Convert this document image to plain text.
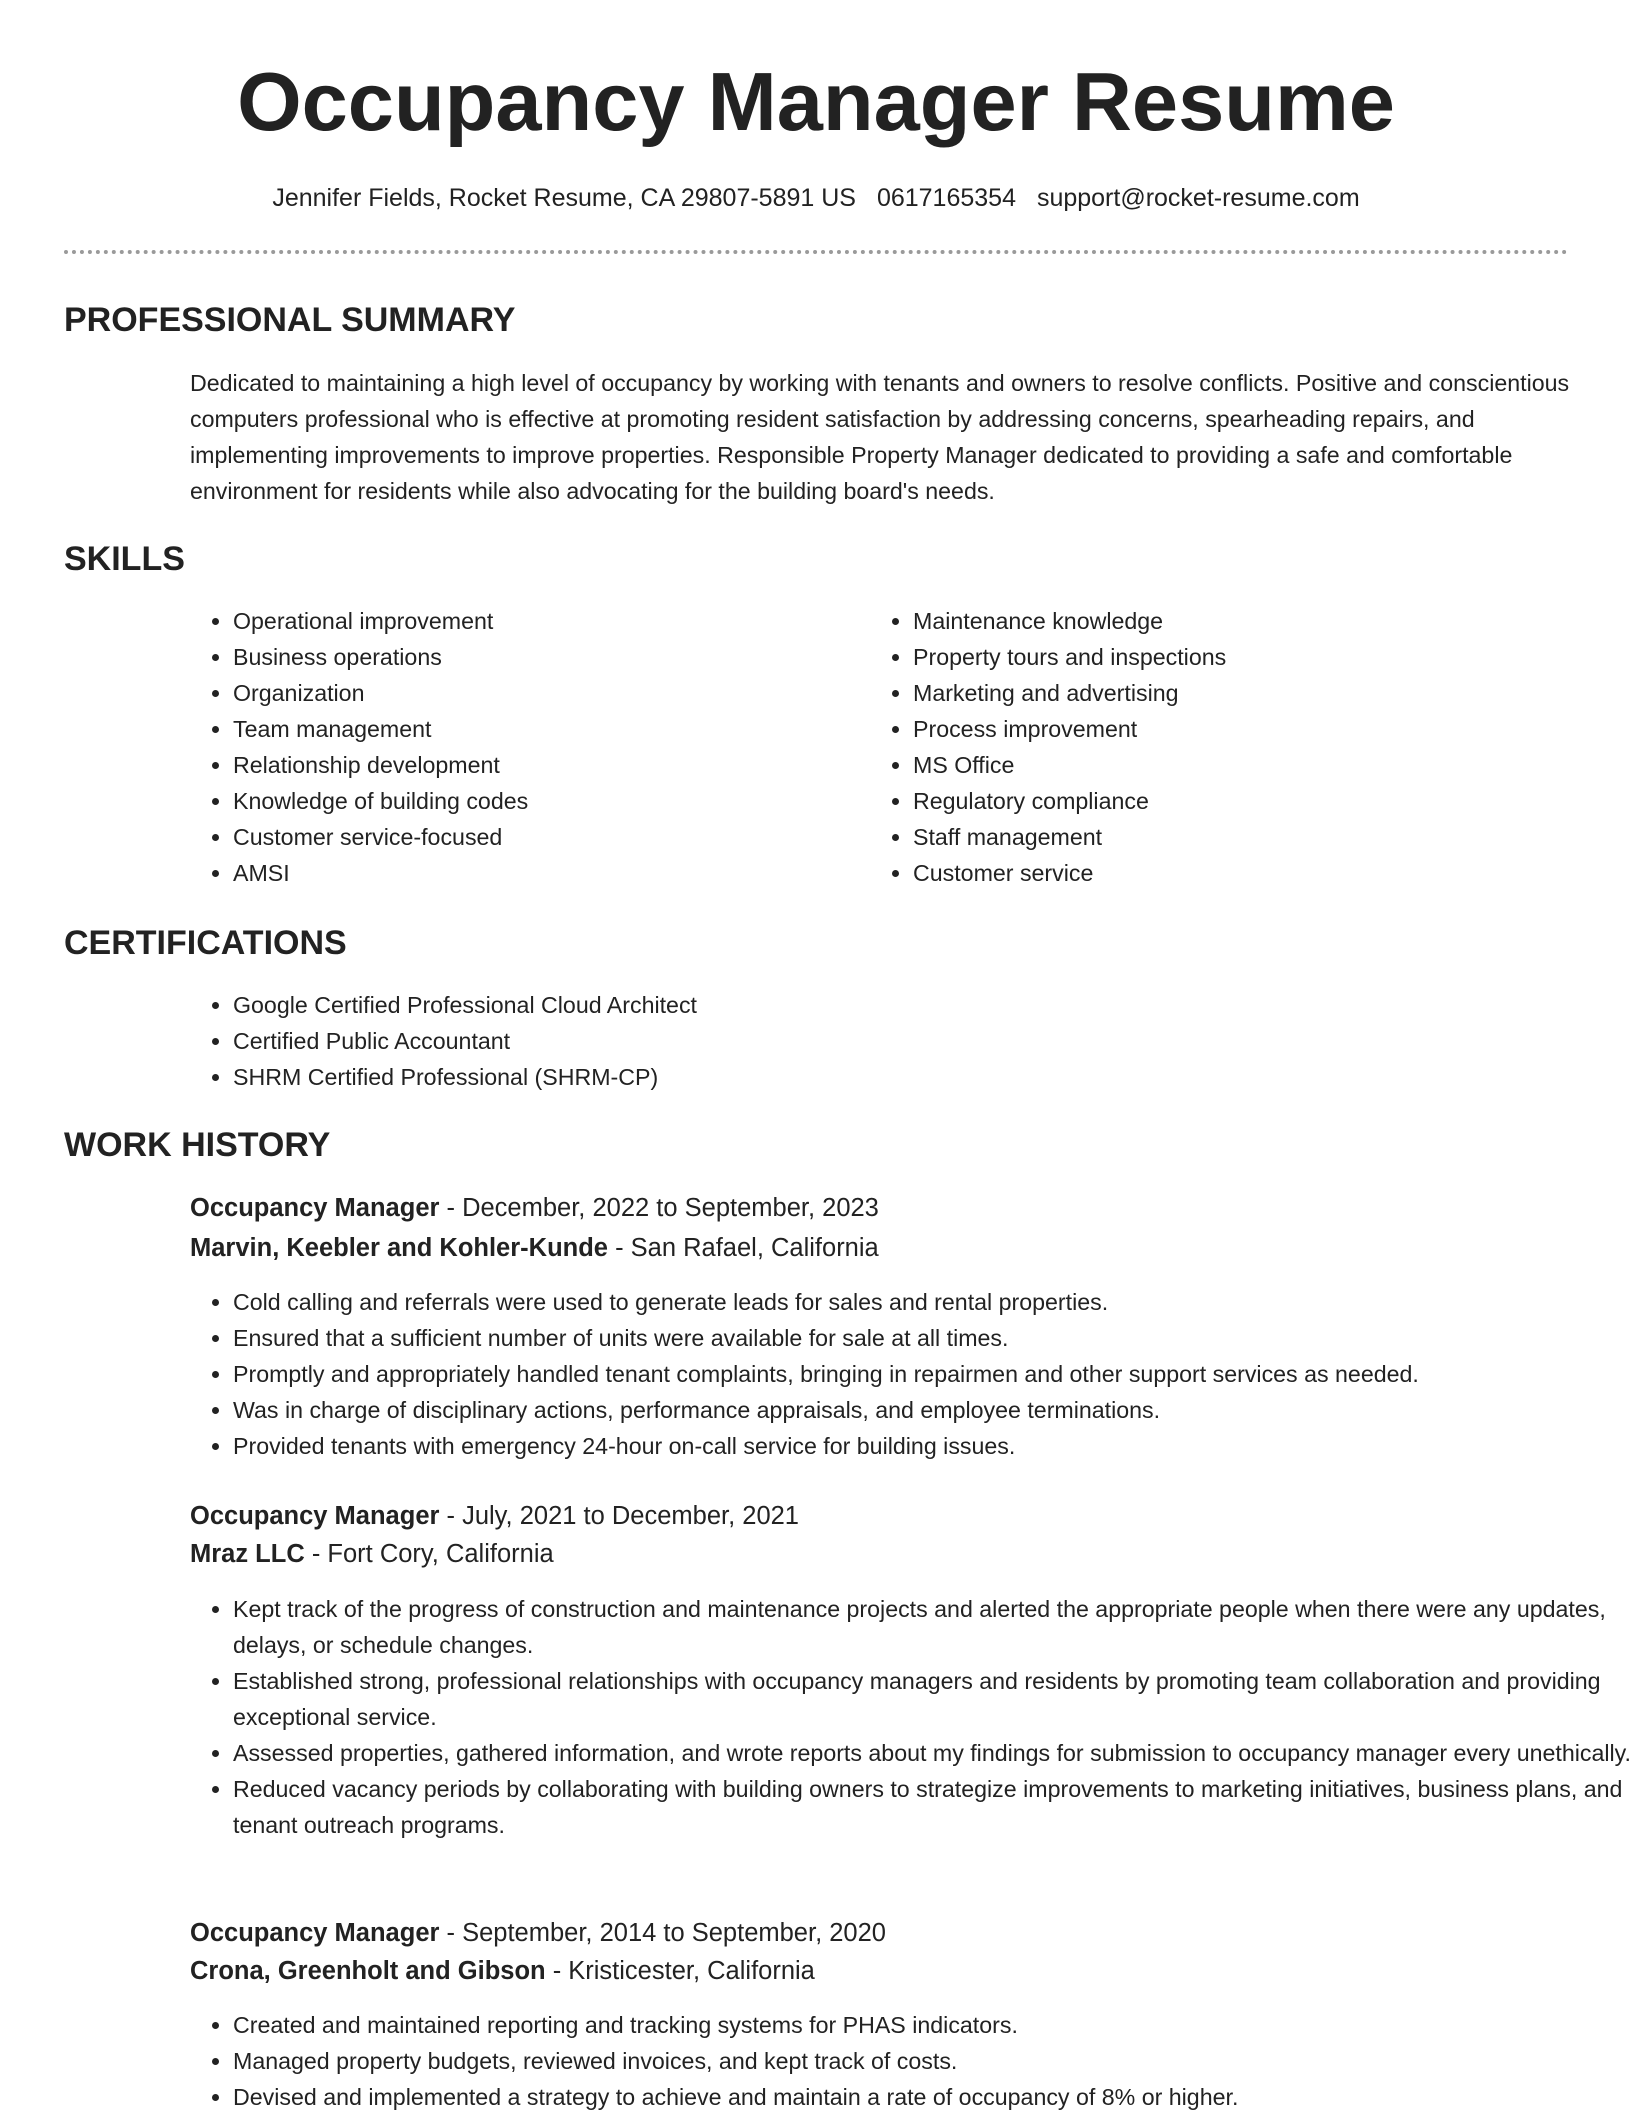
Occupancy Manager Resume
Jennifer Fields, Rocket Resume, CA 29807-5891 US 0617165354 support@rocket-resume.com
PROFESSIONAL SUMMARY

Dedicated to maintaining a high level of occupancy by working with tenants and owners to resolve conflicts. Positive and conscientious computers professional who is effective at promoting resident satisfaction by addressing concerns, spearheading repairs, and implementing improvements to improve properties. Responsible Property Manager dedicated to providing a safe and comfortable environment for residents while also advocating for the building board's needs.

SKILLS
• Operational improvement
• Business operations
• Organization
• Team management
• Relationship development
• Knowledge of building codes
• Customer service-focused
• AMSI
• Maintenance knowledge
• Property tours and inspections
• Marketing and advertising
• Process improvement
• MS Office
• Regulatory compliance
• Staff management
• Customer service
CERTIFICATIONS
• Google Certified Professional Cloud Architect
• Certified Public Accountant
• SHRM Certified Professional (SHRM-CP)
WORK HISTORY
Occupancy Manager - December, 2022 to September, 2023
Marvin, Keebler and Kohler-Kunde - San Rafael, California
• Cold calling and referrals were used to generate leads for sales and rental properties.
• Ensured that a sufficient number of units were available for sale at all times.
• Promptly and appropriately handled tenant complaints, bringing in repairmen and other support services as needed.
• Was in charge of disciplinary actions, performance appraisals, and employee terminations.
• Provided tenants with emergency 24-hour on-call service for building issues.
Occupancy Manager - July, 2021 to December, 2021
Mraz LLC - Fort Cory, California
• Kept track of the progress of construction and maintenance projects and alerted the appropriate people when there were any updates, delays, or schedule changes.
• Established strong, professional relationships with occupancy managers and residents by promoting team collaboration and providing exceptional service.
• Assessed properties, gathered information, and wrote reports about my findings for submission to occupancy manager every unethically.
• Reduced vacancy periods by collaborating with building owners to strategize improvements to marketing initiatives, business plans, and tenant outreach programs.
Occupancy Manager - September, 2014 to September, 2020
Crona, Greenholt and Gibson - Kristicester, California
• Created and maintained reporting and tracking systems for PHAS indicators.
• Managed property budgets, reviewed invoices, and kept track of costs.
• Devised and implemented a strategy to achieve and maintain a rate of occupancy of 8% or higher.
